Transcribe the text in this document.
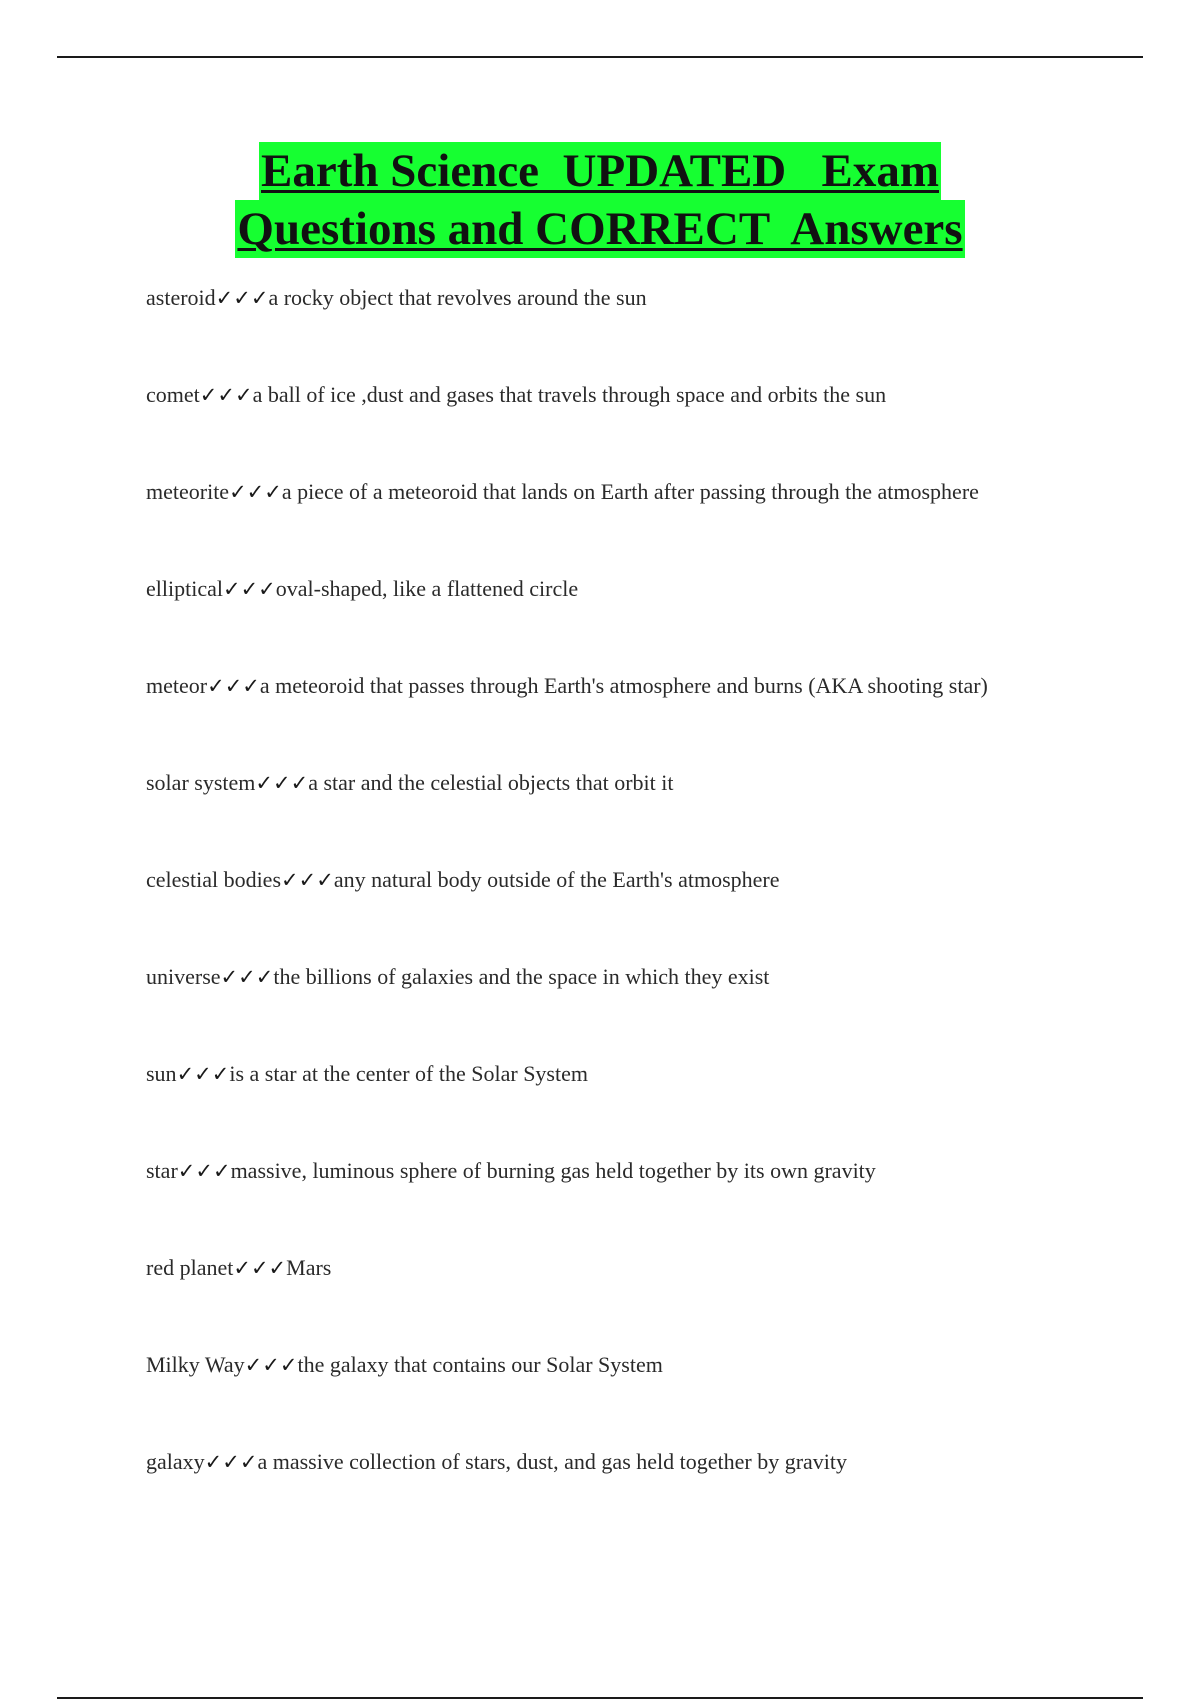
Earth Science  UPDATED   Exam
Questions and CORRECT  Answers
asteroid✓✓✓a rocky object that revolves around the sun
comet✓✓✓a ball of ice ,dust and gases that travels through space and orbits the sun
meteorite✓✓✓a piece of a meteoroid that lands on Earth after passing through the atmosphere
elliptical✓✓✓oval-shaped, like a flattened circle
meteor✓✓✓a meteoroid that passes through Earth's atmosphere and burns (AKA shooting star)
solar system✓✓✓a star and the celestial objects that orbit it
celestial bodies✓✓✓any natural body outside of the Earth's atmosphere
universe✓✓✓the billions of galaxies and the space in which they exist
sun✓✓✓is a star at the center of the Solar System
star✓✓✓massive, luminous sphere of burning gas held together by its own gravity
red planet✓✓✓Mars
Milky Way✓✓✓the galaxy that contains our Solar System
galaxy✓✓✓a massive collection of stars, dust, and gas held together by gravity
